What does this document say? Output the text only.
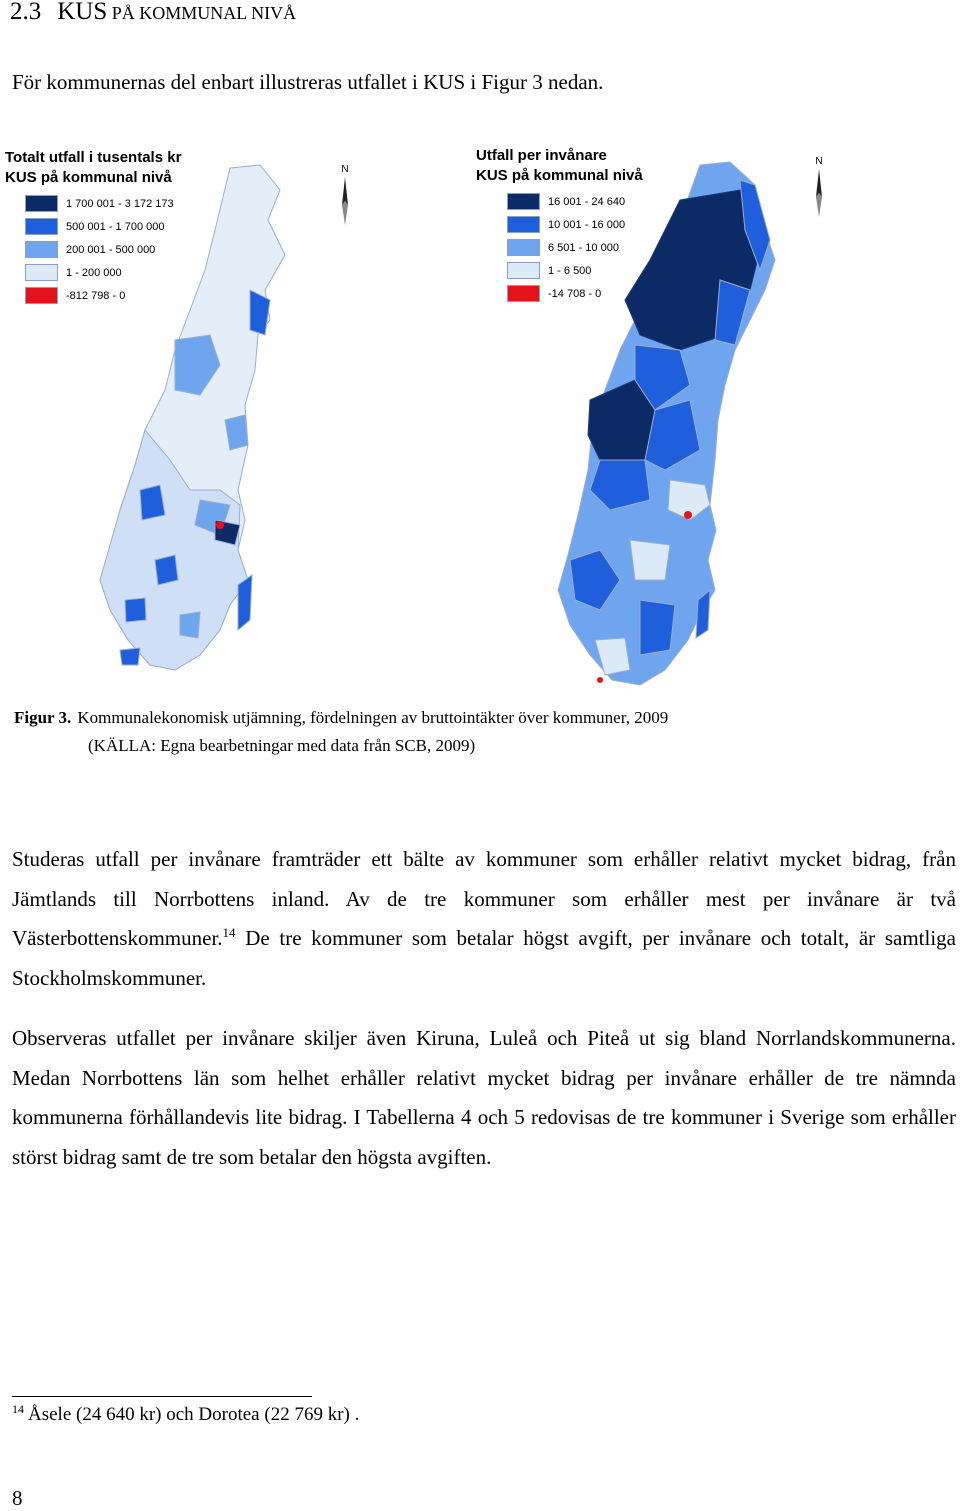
2.3 KUS PÅ KOMMUNAL NIVÅ
För kommunernas del enbart illustreras utfallet i KUS i Figur 3 nedan.
Totalt utfall i tusentals kr
KUS på kommunal nivå
1 700 001 - 3 172 173
500 001 - 1 700 000
200 001 - 500 000
1 - 200 000
-812 798 - 0
N
Utfall per invånare
KUS på kommunal nivå
16 001 - 24 640
10 001 - 16 000
6 501 - 10 000
1 - 6 500
-14 708 - 0
N
Figur 3. Kommunalekonomisk utjämning, fördelningen av bruttointäkter över kommuner, 2009
(KÄLLA: Egna bearbetningar med data från SCB, 2009)
Studeras utfall per invånare framträder ett bälte av kommuner som erhåller relativt mycket bidrag, från Jämtlands till Norrbottens inland. Av de tre kommuner som erhåller mest per invånare är två Västerbottenskommuner.$^{14}$ De tre kommuner som betalar högst avgift, per invånare och totalt, är samtliga Stockholmskommuner.
Observeras utfallet per invånare skiljer även Kiruna, Luleå och Piteå ut sig bland Norrlandskommunerna. Medan Norrbottens län som helhet erhåller relativt mycket bidrag per invånare erhåller de tre nämnda kommunerna förhållandevis lite bidrag. I Tabellerna 4 och 5 redovisas de tre kommuner i Sverige som erhåller störst bidrag samt de tre som betalar den högsta avgiften.
$^{14}$ Åsele (24 640 kr) och Dorotea (22 769 kr) .
8
